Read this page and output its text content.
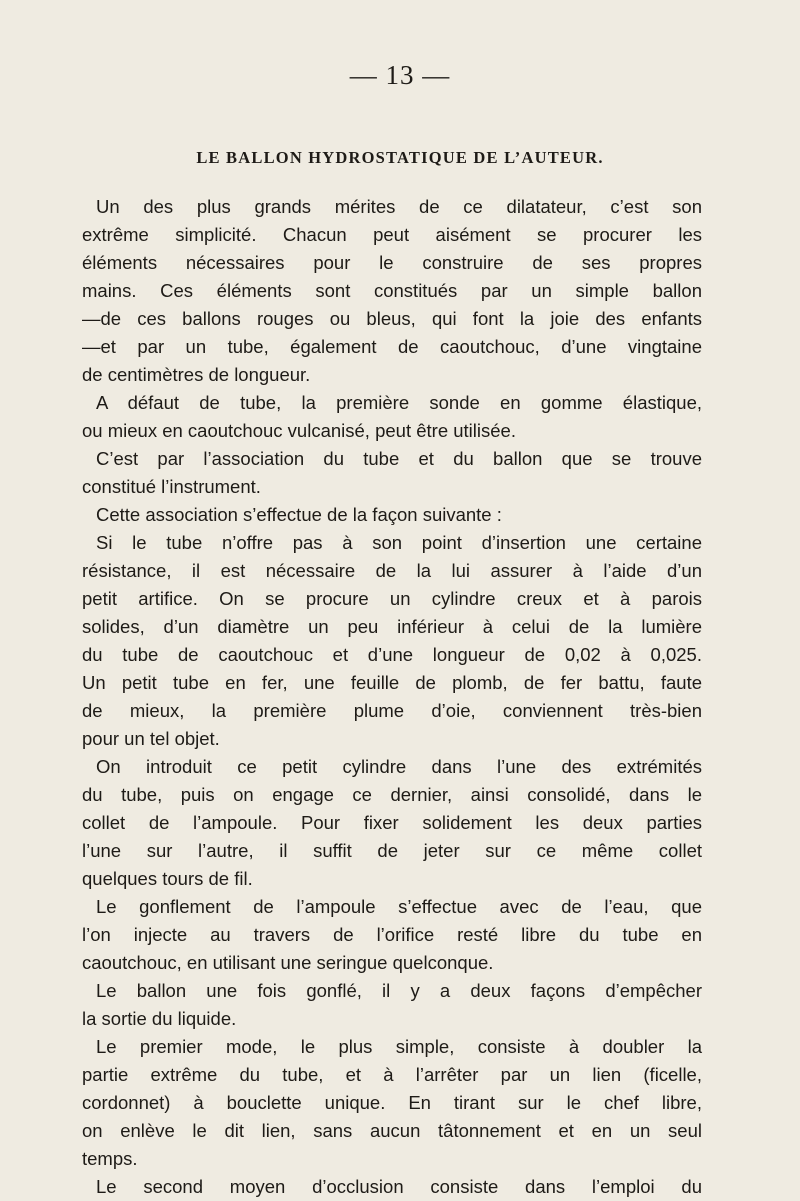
— 13 —
LE BALLON HYDROSTATIQUE DE L’AUTEUR.
Un des plus grands mérites de ce dilatateur, c’est son
extrême simplicité. Chacun peut aisément se procurer les
éléments nécessaires pour le construire de ses propres
mains. Ces éléments sont constitués par un simple ballon
—de ces ballons rouges ou bleus, qui font la joie des enfants
—et par un tube, également de caoutchouc, d’une vingtaine
de centimètres de longueur.
A défaut de tube, la première sonde en gomme élastique,
ou mieux en caoutchouc vulcanisé, peut être utilisée.
C’est par l’association du tube et du ballon que se trouve
constitué l’instrument.
Cette association s’effectue de la façon suivante :
Si le tube n’offre pas à son point d’insertion une certaine
résistance, il est nécessaire de la lui assurer à l’aide d’un
petit artifice. On se procure un cylindre creux et à parois
solides, d’un diamètre un peu inférieur à celui de la lumière
du tube de caoutchouc et d’une longueur de 0,02 à 0,025.
Un petit tube en fer, une feuille de plomb, de fer battu, faute
de mieux, la première plume d’oie, conviennent très-bien
pour un tel objet.
On introduit ce petit cylindre dans l’une des extrémités
du tube, puis on engage ce dernier, ainsi consolidé, dans le
collet de l’ampoule. Pour fixer solidement les deux parties
l’une sur l’autre, il suffit de jeter sur ce même collet
quelques tours de fil.
Le gonflement de l’ampoule s’effectue avec de l’eau, que
l’on injecte au travers de l’orifice resté libre du tube en
caoutchouc, en utilisant une seringue quelconque.
Le ballon une fois gonflé, il y a deux façons d’empêcher
la sortie du liquide.
Le premier mode, le plus simple, consiste à doubler la
partie extrême du tube, et à l’arrêter par un lien (ficelle,
cordonnet) à bouclette unique. En tirant sur le chef libre,
on enlève le dit lien, sans aucun tâtonnement et en un seul
temps.
Le second moyen d’occlusion consiste dans l’emploi du
